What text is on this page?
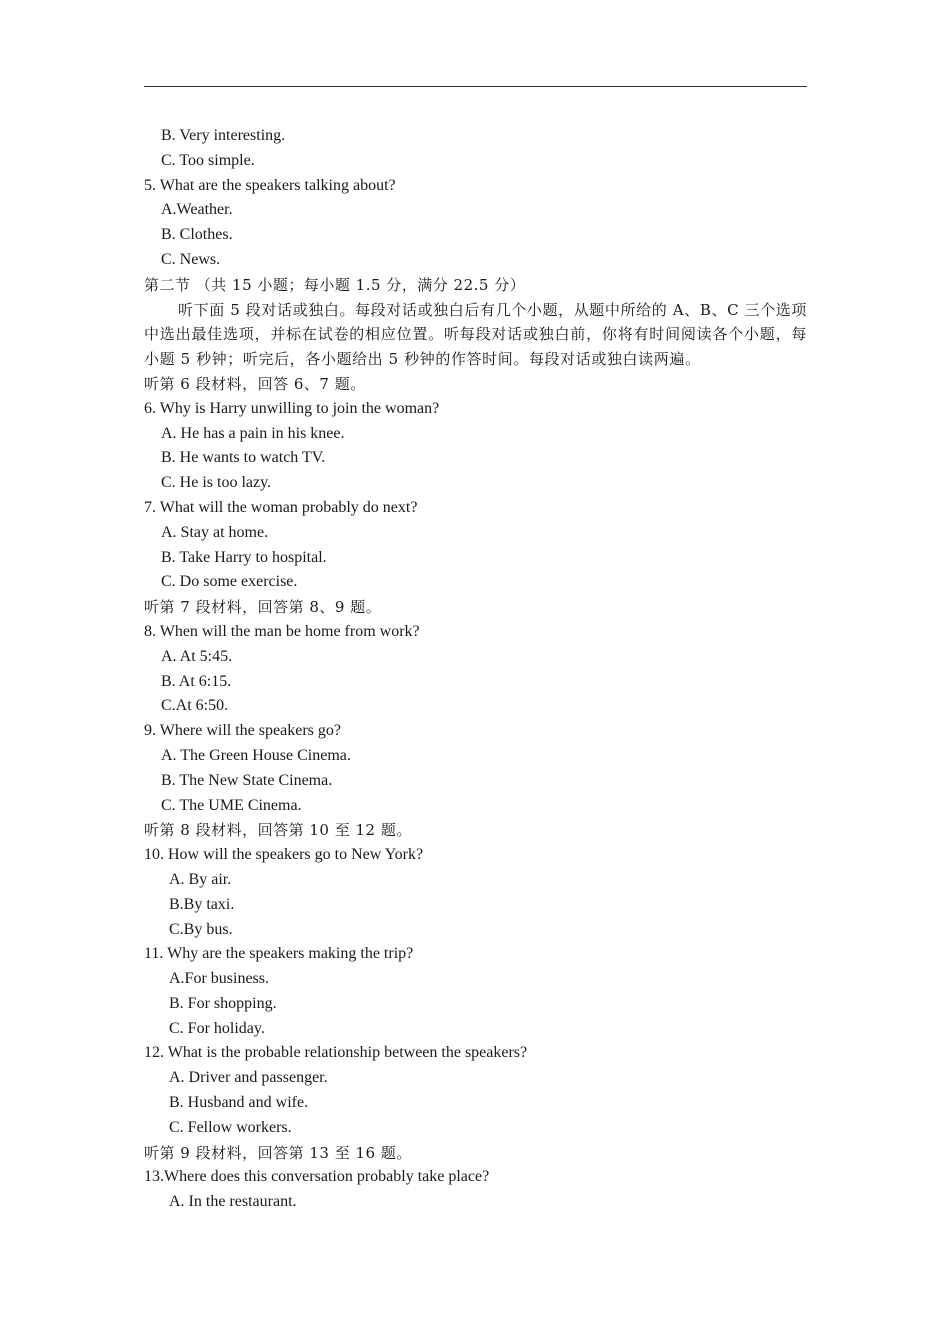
B. Very interesting.
C. Too simple.
5. What are the speakers talking about?
A.Weather.
B. Clothes.
C. News.
第二节 （共 15 小题；每小题 1.5 分，满分 22.5 分）
听下面 5 段对话或独白。每段对话或独白后有几个小题，从题中所给的 A、B、C 三个选项中选出最佳选项，并标在试卷的相应位置。听每段对话或独白前，你将有时间阅读各个小题，每小题 5 秒钟；听完后，各小题给出 5 秒钟的作答时间。每段对话或独白读两遍。
听第 6 段材料，回答 6、7 题。
6. Why is Harry unwilling to join the woman?
A. He has a pain in his knee.
B. He wants to watch TV.
C. He is too lazy.
7. What will the woman probably do next?
A. Stay at home.
B. Take Harry to hospital.
C. Do some exercise.
听第 7 段材料，回答第 8、9 题。
8. When will the man be home from work?
A. At 5:45.
B. At 6:15.
C.At 6:50.
9. Where will the speakers go?
A. The Green House Cinema.
B. The New State Cinema.
C. The UME Cinema.
听第 8 段材料，回答第 10 至 12 题。
10. How will the speakers go to New York?
A. By air.
B.By taxi.
C.By bus.
11. Why are the speakers making the trip?
A.For business.
B. For shopping.
C. For holiday.
12. What is the probable relationship between the speakers?
A. Driver and passenger.
B. Husband and wife.
C. Fellow workers.
听第 9 段材料，回答第 13 至 16 题。
13.Where does this conversation probably take place?
A. In the restaurant.
